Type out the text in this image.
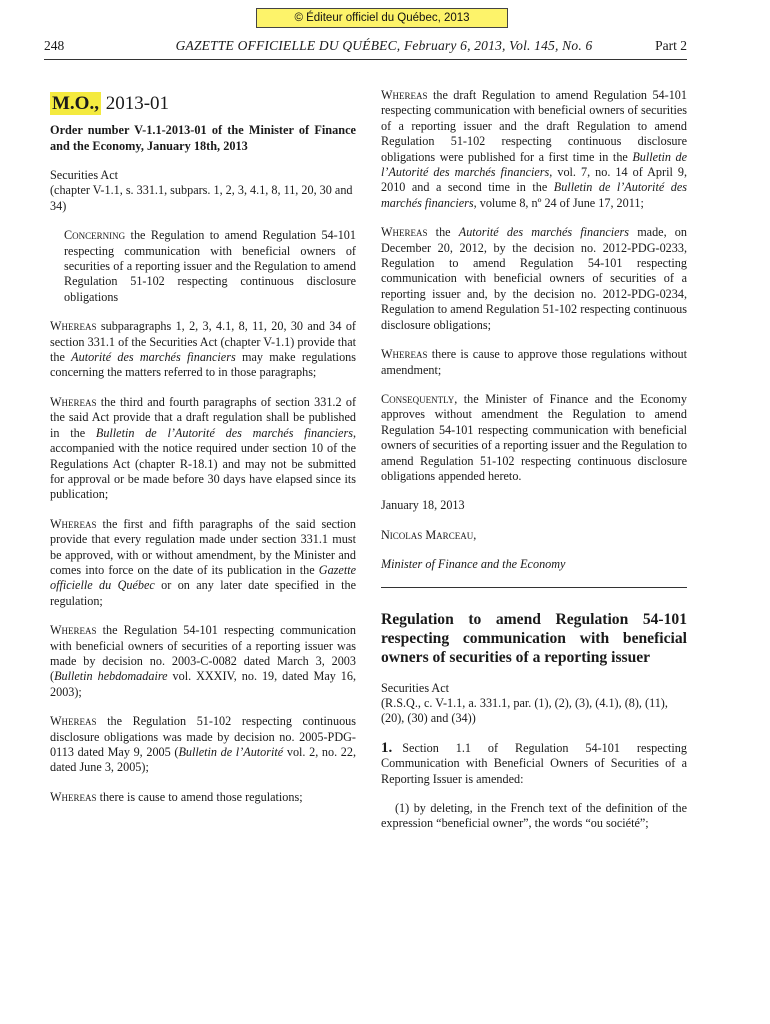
© Éditeur officiel du Québec, 2013
248	GAZETTE OFFICIELLE DU QUÉBEC, February 6, 2013, Vol. 145, No. 6	Part 2
M.O., 2013-01

Order number V-1.1-2013-01 of the Minister of Finance and the Economy, January 18th, 2013

Securities Act
(chapter V-1.1, s. 331.1, subpars. 1, 2, 3, 4.1, 8, 11, 20, 30 and 34)

Concerning the Regulation to amend Regulation 54-101 respecting communication with beneficial owners of securities of a reporting issuer and the Regulation to amend Regulation 51-102 respecting continuous disclosure obligations

Whereas subparagraphs 1, 2, 3, 4.1, 8, 11, 20, 30 and 34 of section 331.1 of the Securities Act (chapter V-1.1) provide that the Autorité des marchés financiers may make regulations concerning the matters referred to in those paragraphs;

Whereas the third and fourth paragraphs of section 331.2 of the said Act provide that a draft regulation shall be published in the Bulletin de l’Autorité des marchés financiers, accompanied with the notice required under section 10 of the Regulations Act (chapter R-18.1) and may not be submitted for approval or be made before 30 days have elapsed since its publication;

Whereas the first and fifth paragraphs of the said section provide that every regulation made under section 331.1 must be approved, with or without amendment, by the Minister and comes into force on the date of its publication in the Gazette officielle du Québec or on any later date specified in the regulation;

Whereas the Regulation 54-101 respecting communication with beneficial owners of securities of a reporting issuer was made by decision no. 2003-C-0082 dated March 3, 2003 (Bulletin hebdomadaire vol. XXXIV, no. 19, dated May 16, 2003);

Whereas the Regulation 51-102 respecting continuous disclosure obligations was made by decision no. 2005-PDG-0113 dated May 9, 2005 (Bulletin de l’Autorité vol. 2, no. 22, dated June 3, 2005);

Whereas there is cause to amend those regulations;

Whereas the draft Regulation to amend Regulation 54-101 respecting communication with beneficial owners of securities of a reporting issuer and the draft Regulation to amend Regulation 51-102 respecting continuous disclosure obligations were published for a first time in the Bulletin de l’Autorité des marchés financiers, vol. 7, no. 14 of April 9, 2010 and a second time in the Bulletin de l’Autorité des marchés financiers, volume 8, nº 24 of June 17, 2011;

Whereas the Autorité des marchés financiers made, on December 20, 2012, by the decision no. 2012-PDG-0233, Regulation to amend Regulation 54-101 respecting communication with beneficial owners of securities of a reporting issuer and, by the decision no. 2012-PDG-0234, Regulation to amend Regulation 51-102 respecting continuous disclosure obligations;

Whereas there is cause to approve those regulations without amendment;

Consequently, the Minister of Finance and the Economy approves without amendment the Regulation to amend Regulation 54-101 respecting communication with beneficial owners of securities of a reporting issuer and the Regulation to amend Regulation 51-102 respecting continuous disclosure obligations appended hereto.

January 18, 2013

Nicolas Marceau,

Minister of Finance and the Economy

Regulation to amend Regulation 54-101 respecting communication with beneficial owners of securities of a reporting issuer

Securities Act
(R.S.Q., c. V-1.1, a. 331.1, par. (1), (2), (3), (4.1), (8), (11), (20), (30) and (34))

1. Section 1.1 of Regulation 54-101 respecting Communication with Beneficial Owners of Securities of a Reporting Issuer is amended:

(1) by deleting, in the French text of the definition of the expression “beneficial owner”, the words “ou société”;
